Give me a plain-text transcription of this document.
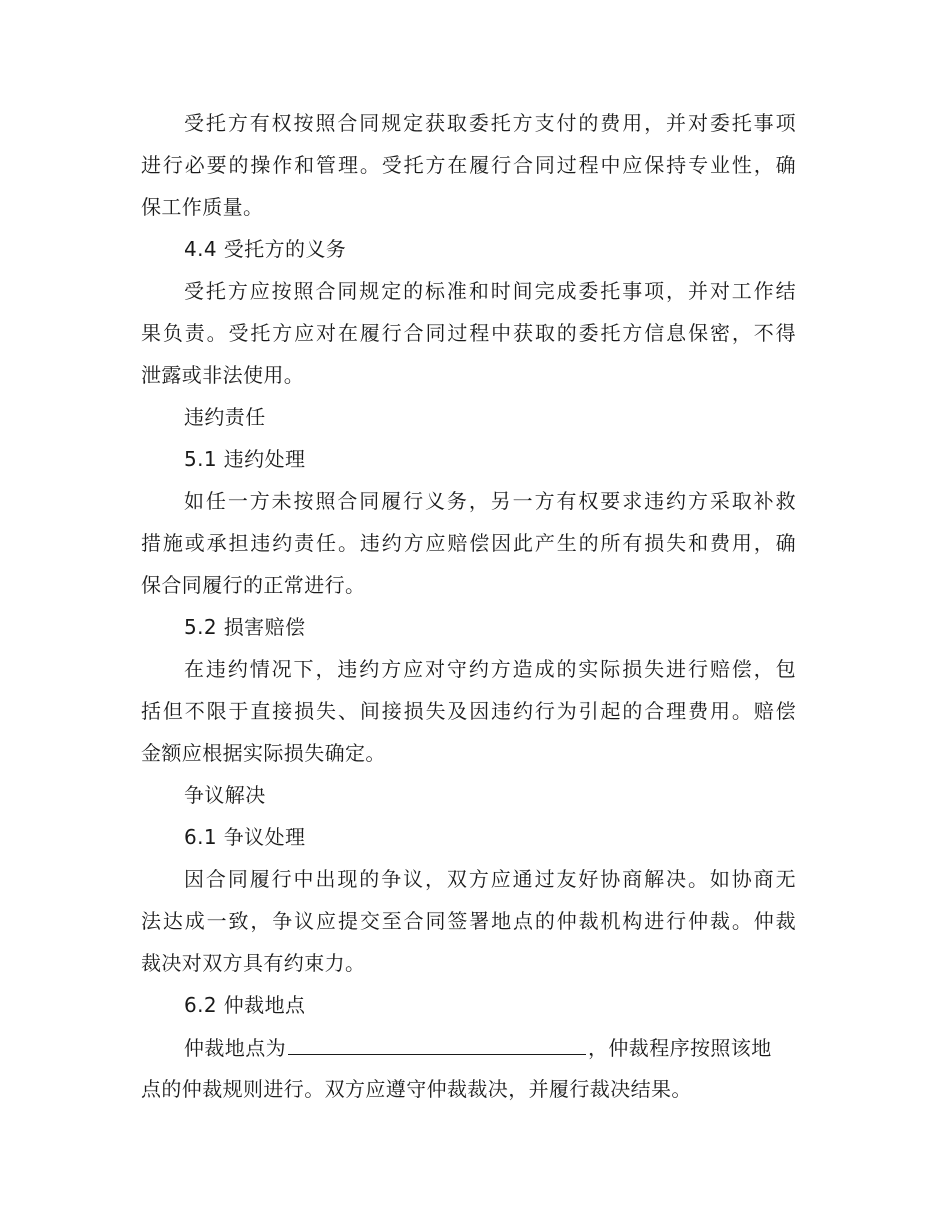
受托方有权按照合同规定获取委托方支付的费用，并对委托事项
进行必要的操作和管理。受托方在履行合同过程中应保持专业性，确
保工作质量。
4.4 受托方的义务
受托方应按照合同规定的标准和时间完成委托事项，并对工作结
果负责。受托方应对在履行合同过程中获取的委托方信息保密，不得
泄露或非法使用。
违约责任
5.1 违约处理
如任一方未按照合同履行义务，另一方有权要求违约方采取补救
措施或承担违约责任。违约方应赔偿因此产生的所有损失和费用，确
保合同履行的正常进行。
5.2 损害赔偿
在违约情况下，违约方应对守约方造成的实际损失进行赔偿，包
括但不限于直接损失、间接损失及因违约行为引起的合理费用。赔偿
金额应根据实际损失确定。
争议解决
6.1 争议处理
因合同履行中出现的争议，双方应通过友好协商解决。如协商无
法达成一致，争议应提交至合同签署地点的仲裁机构进行仲裁。仲裁
裁决对双方具有约束力。
6.2 仲裁地点
仲裁地点为	，仲裁程序按照该地
点的仲裁规则进行。双方应遵守仲裁裁决，并履行裁决结果。
